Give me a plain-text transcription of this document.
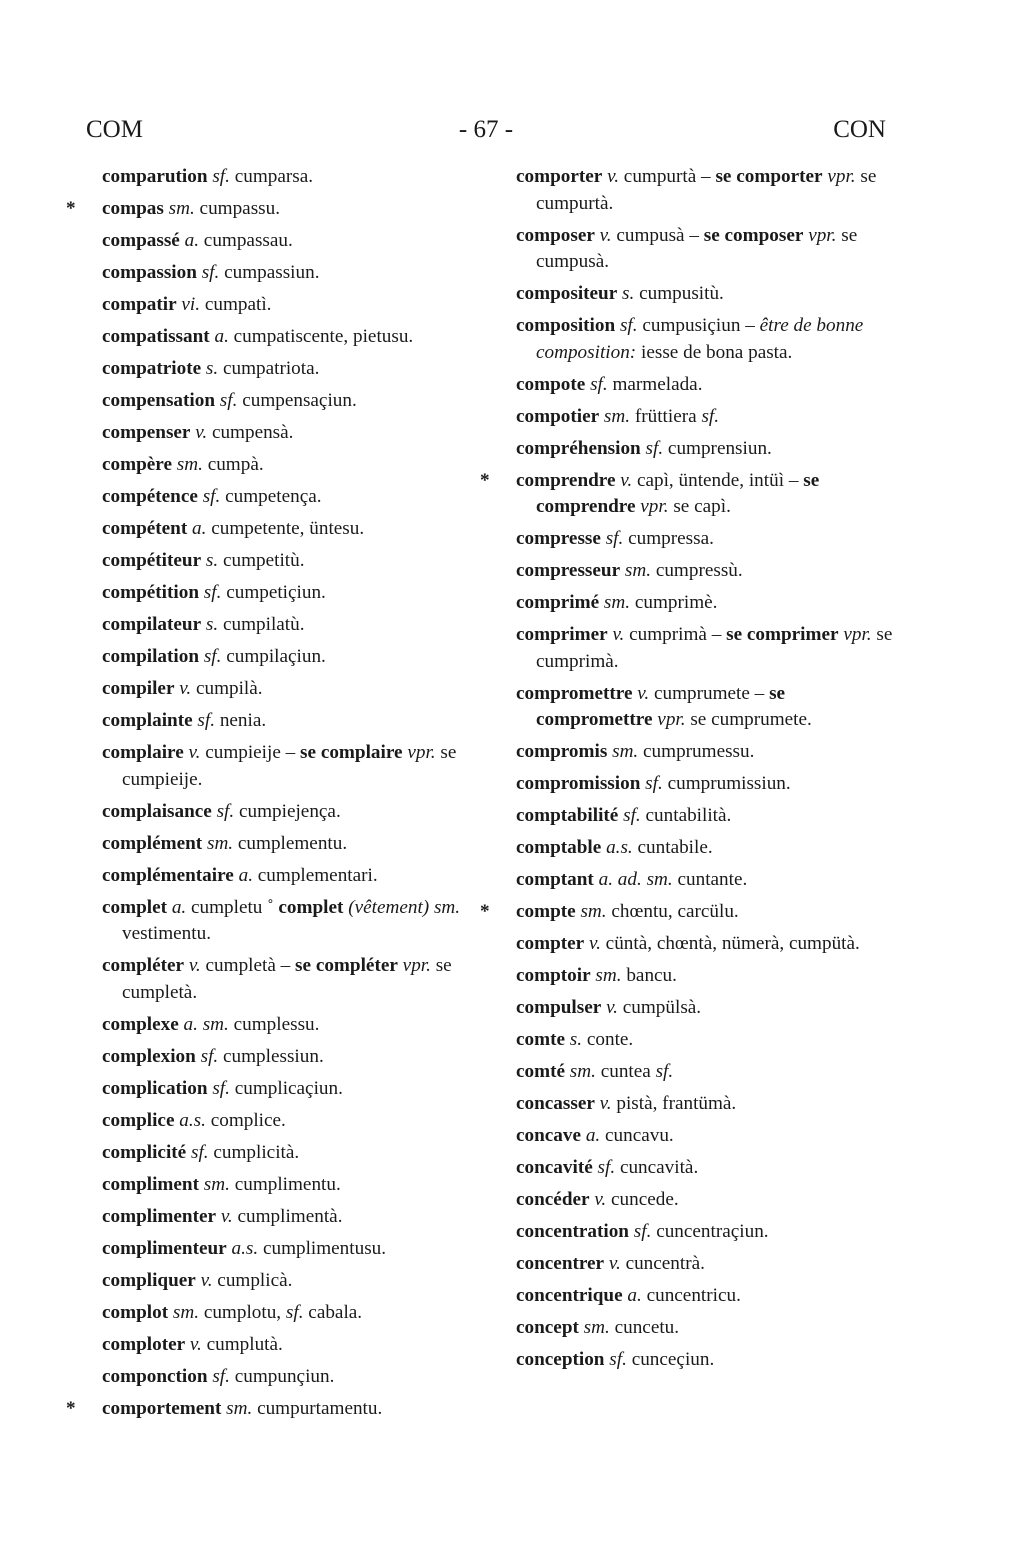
COM	- 67 -	CON
comparution sf. cumparsa.
* compas sm. cumpassu.
compassé a. cumpassau.
compassion sf. cumpassiun.
compatir vi. cumpatì.
compatissant a. cumpatiscente, pietusu.
compatriote s. cumpatriota.
compensation sf. cumpensaçiun.
compenser v. cumpensà.
compère sm. cumpà.
compétence sf. cumpetença.
compétent a. cumpetente, üntesu.
compétiteur s. cumpetitù.
compétition sf. cumpetiçiun.
compilateur s. cumpilatù.
compilation sf. cumpilaçiun.
compiler v. cumpilà.
complainte sf. nenia.
complaire v. cumpieije – se complaire vpr. se cumpieije.
complaisance sf. cumpiejença.
complément sm. cumplementu.
complémentaire a. cumplementari.
complet a. cumpletu ˚ complet (vêtement) sm. vestimentu.
compléter v. cumpletà – se compléter vpr. se cumpletà.
complexe a. sm. cumplessu.
complexion sf. cumplessiun.
complication sf. cumplicaçiun.
complice a.s. complice.
complicité sf. cumplicità.
compliment sm. cumplimentu.
complimenter v. cumplimentà.
complimenteur a.s. cumplimentusu.
compliquer v. cumplicà.
complot sm. cumplotu, sf. cabala.
comploter v. cumplutà.
componction sf. cumpunçiun.
* comportement sm. cumpurtamentu.
comporter v. cumpurtà – se comporter vpr. se cumpurtà.
composer v. cumpusà – se composer vpr. se cumpusà.
compositeur s. cumpusitù.
composition sf. cumpusiçiun – être de bonne composition: iesse de bona pasta.
compote sf. marmelada.
compotier sm. früttiera sf.
compréhension sf. cumprensiun.
* comprendre v. capì, üntende, intüì – se comprendre vpr. se capì.
compresse sf. cumpressa.
compresseur sm. cumpressù.
comprimé sm. cumprimè.
comprimer v. cumprimà – se comprimer vpr. se cumprimà.
compromettre v. cumprumete – se compromettre vpr. se cumprumete.
compromis sm. cumprumessu.
compromission sf. cumprumissiun.
comptabilité sf. cuntabilità.
comptable a.s. cuntabile.
comptant a. ad. sm. cuntante.
* compte sm. chœntu, carcülu.
compter v. cüntà, chœntà, nümerà, cumpütà.
comptoir sm. bancu.
compulser v. cumpülsà.
comte s. conte.
comté sm. cuntea sf.
concasser v. pistà, frantümà.
concave a. cuncavu.
concavité sf. cuncavità.
concéder v. cuncede.
concentration sf. cuncentraçiun.
concentrer v. cuncentrà.
concentrique a. cuncentricu.
concept sm. cuncetu.
conception sf. cunceçiun.
